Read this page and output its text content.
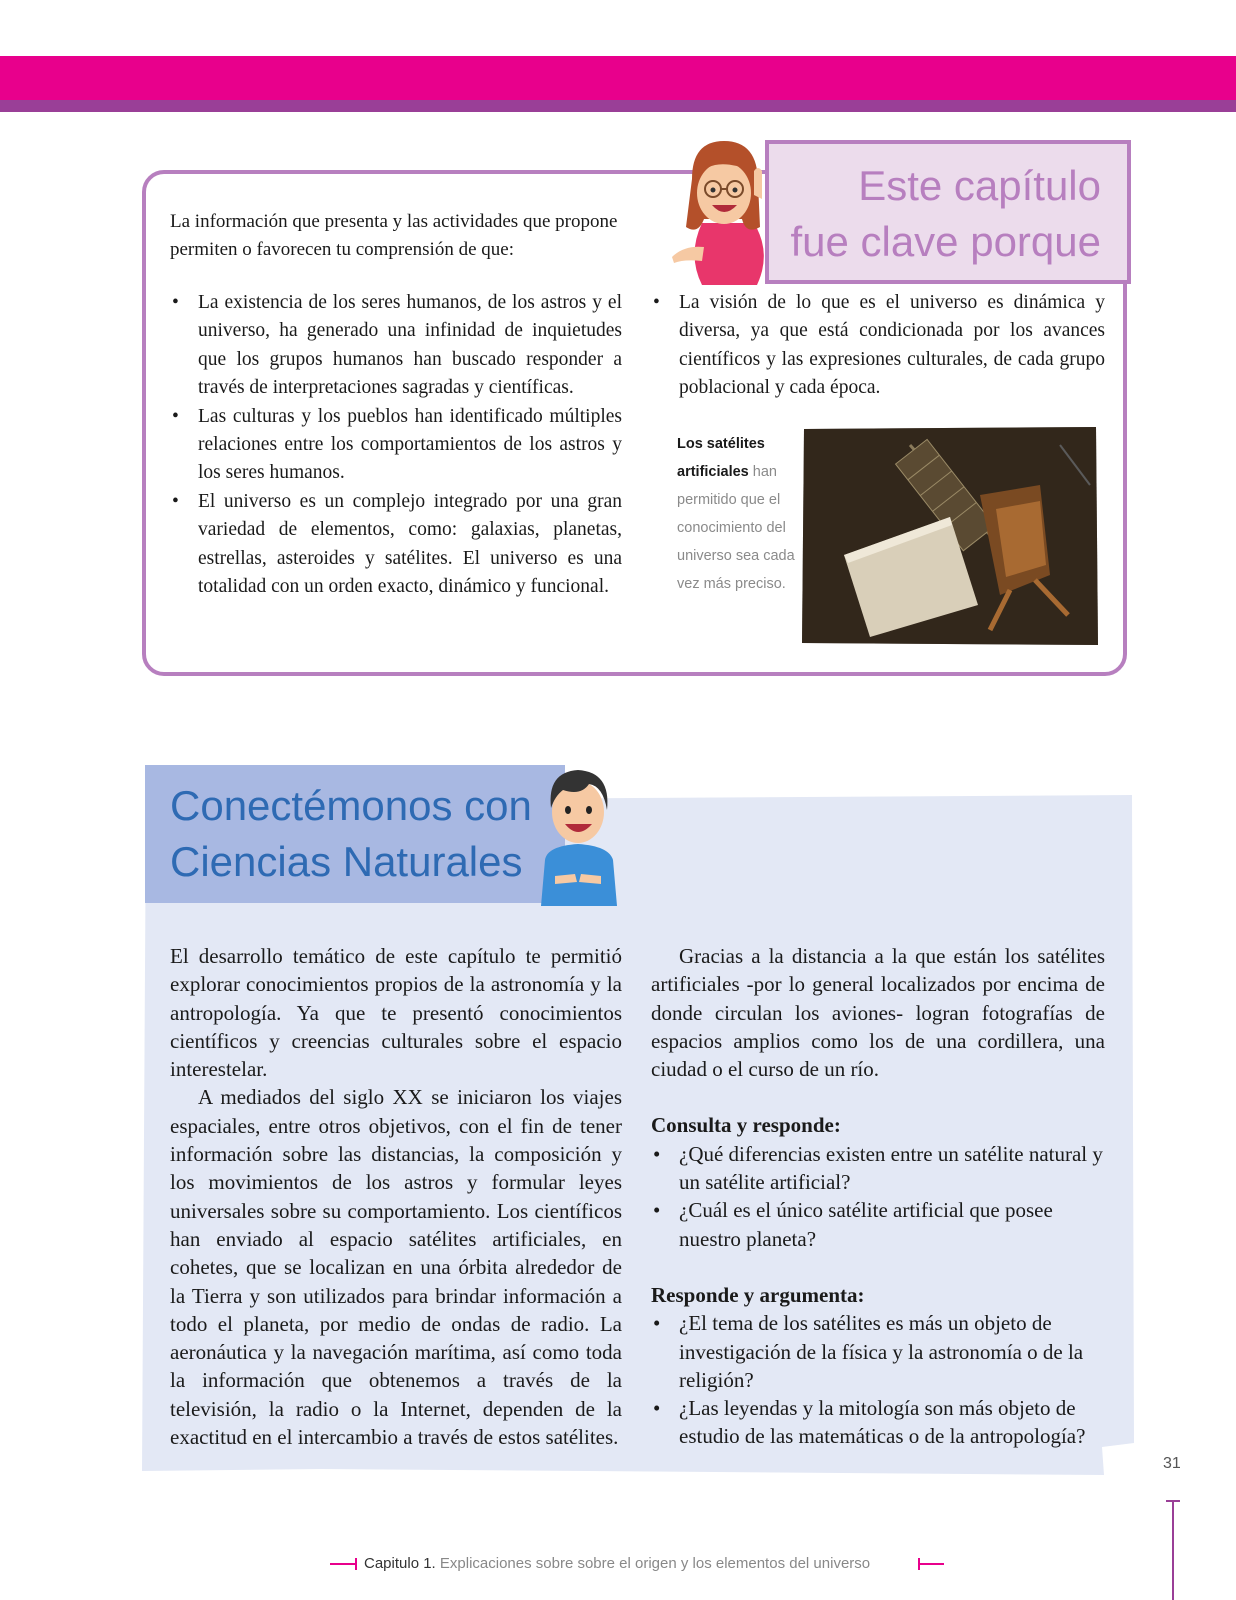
Este capítulo
fue clave porque

La información que presenta y las actividades que propone permiten o favorecen tu comprensión de que:

• La existencia de los seres humanos, de los astros y el universo, ha generado una infinidad de inquietudes que los grupos humanos han buscado responder a través de interpretaciones sagradas y científicas.
• Las culturas y los pueblos han identificado múltiples relaciones entre los comportamientos de los astros y los seres humanos.
• El universo es un complejo integrado por una gran variedad de elementos, como: galaxias, planetas, estrellas, asteroides y satélites. El universo es una totalidad con un orden exacto, dinámico y funcional.
• La visión de lo que es el universo es dinámica y diversa, ya que está condicionada por los avances científicos y las expresiones culturales, de cada grupo poblacional y cada época.

Los satélites artificiales han permitido que el conocimiento del universo sea cada vez más preciso.

Conectémonos con
Ciencias Naturales

El desarrollo temático de este capítulo te permitió explorar conocimientos propios de la astronomía y la antropología. Ya que te presentó conocimientos científicos y creencias culturales sobre el espacio interestelar.

A mediados del siglo XX se iniciaron los viajes espaciales, entre otros objetivos, con el fin de tener información sobre las distancias, la composición y los movimientos de los astros y formular leyes universales sobre su comportamiento. Los científicos han enviado al espacio satélites artificiales, en cohetes, que se localizan en una órbita alrededor de la Tierra y son utilizados para brindar información a todo el planeta, por medio de ondas de radio. La aeronáutica y la navegación marítima, así como toda la información que obtenemos a través de la televisión, la radio o la Internet, dependen de la exactitud en el intercambio a través de estos satélites.

Gracias a la distancia a la que están los satélites artificiales -por lo general localizados por encima de donde circulan los aviones- logran fotografías de espacios amplios como los de una cordillera, una ciudad o el curso de un río.

Consulta y responde:
• ¿Qué diferencias existen entre un satélite natural y un satélite artificial?
• ¿Cuál es el único satélite artificial que posee nuestro planeta?
Responde y argumenta:
• ¿El tema de los satélites es más un objeto de investigación de la física y la astronomía o de la religión?
• ¿Las leyendas y la mitología son más objeto de estudio de las matemáticas o de la antropología?
31
Capitulo 1. Explicaciones sobre sobre el origen y los elementos del universo
